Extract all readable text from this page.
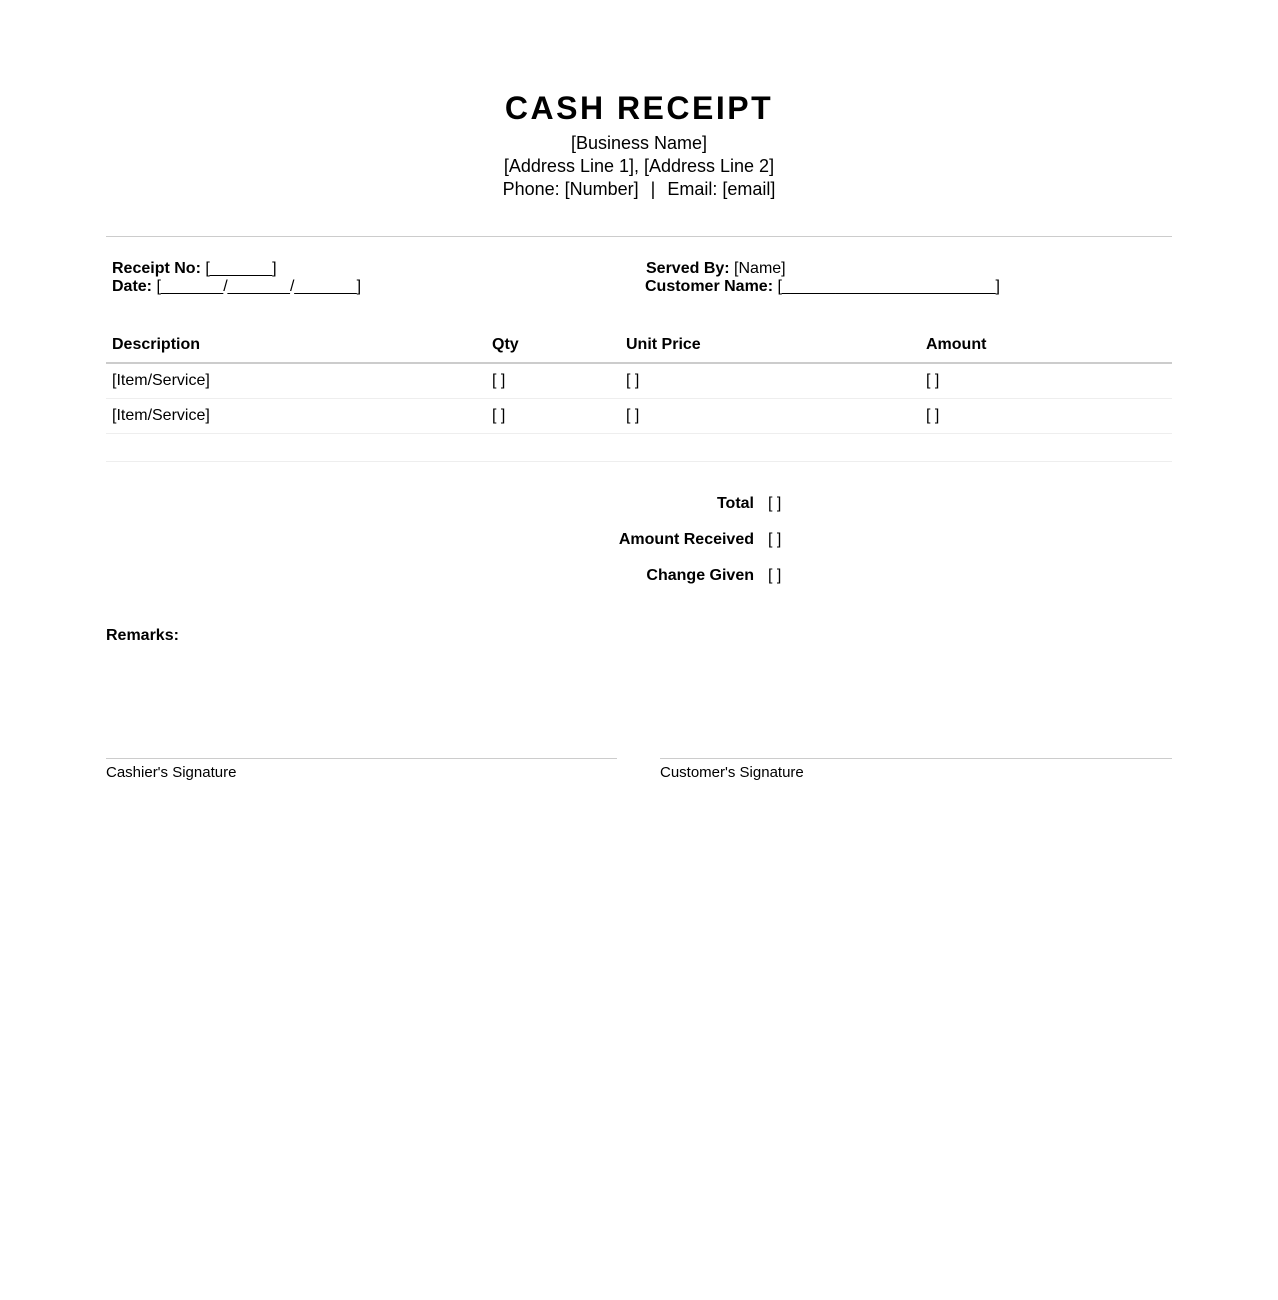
CASH RECEIPT
[Business Name]
[Address Line 1], [Address Line 2]
Phone: [Number] | Email: [email]
Receipt No: [_______]
Date: [_______/_______/_______]
Served By: [Name]
Customer Name: [________________________]
Description	Qty	Unit Price	Amount
[Item/Service]	[ ]	[ ]	[ ]
[Item/Service]	[ ]	[ ]	[ ]

Total [ ]
Amount Received [ ]
Change Given [ ]
Remarks:
Cashier's Signature	Customer's Signature
